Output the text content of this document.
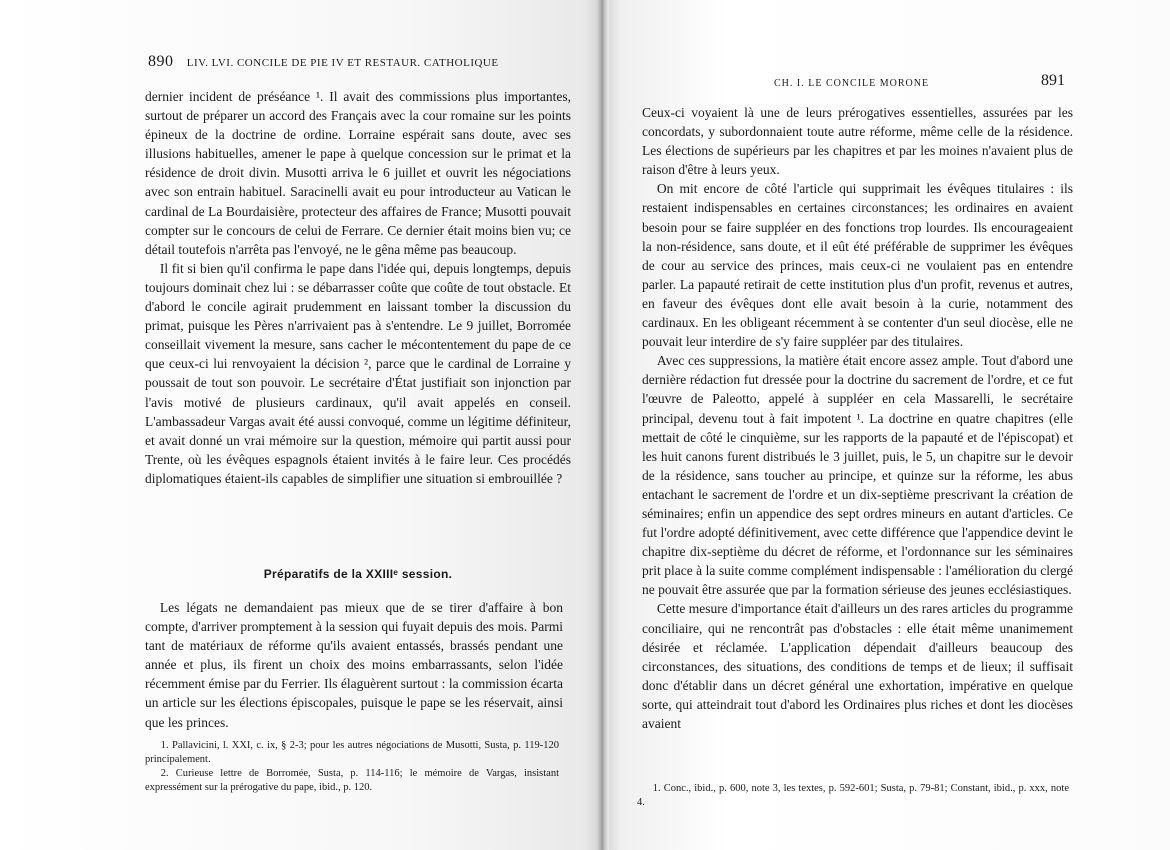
890 LIV. LVI. CONCILE DE PIE IV ET RESTAUR. CATHOLIQUE

dernier incident de préséance ¹. Il avait des commissions plus importantes, surtout de préparer un accord des Français avec la cour romaine sur les points épineux de la doctrine de ordine. Lorraine espérait sans doute, avec ses illusions habituelles, amener le pape à quelque concession sur le primat et la résidence de droit divin. Musotti arriva le 6 juillet et ouvrit les négociations avec son entrain habituel. Saracinelli avait eu pour introducteur au Vatican le cardinal de La Bourdaisière, protecteur des affaires de France; Musotti pouvait compter sur le concours de celui de Ferrare. Ce dernier était moins bien vu; ce détail toutefois n'arrêta pas l'envoyé, ne le gêna même pas beaucoup.

Il fit si bien qu'il confirma le pape dans l'idée qui, depuis longtemps, depuis toujours dominait chez lui : se débarrasser coûte que coûte de tout obstacle. Et d'abord le concile agirait prudemment en laissant tomber la discussion du primat, puisque les Pères n'arrivaient pas à s'entendre. Le 9 juillet, Borromée conseillait vivement la mesure, sans cacher le mécontentement du pape de ce que ceux-ci lui renvoyaient la décision ², parce que le cardinal de Lorraine y poussait de tout son pouvoir. Le secrétaire d'État justifiait son injonction par l'avis motivé de plusieurs cardinaux, qu'il avait appelés en conseil. L'ambassadeur Vargas avait été aussi convoqué, comme un légitime définiteur, et avait donné un vrai mémoire sur la question, mémoire qui partit aussi pour Trente, où les évêques espagnols étaient invités à le faire leur. Ces procédés diplomatiques étaient-ils capables de simplifier une situation si embrouillée ?

Préparatifs de la XXIIIᵉ session.

Les légats ne demandaient pas mieux que de se tirer d'affaire à bon compte, d'arriver promptement à la session qui fuyait depuis des mois. Parmi tant de matériaux de réforme qu'ils avaient entassés, brassés pendant une année et plus, ils firent un choix des moins embarrassants, selon l'idée récemment émise par du Ferrier. Ils élaguèrent surtout : la commission écarta un article sur les élections épiscopales, puisque le pape se les réservait, ainsi que les princes.

1. Pallavicini, l. XXI, c. ix, § 2-3; pour les autres négociations de Musotti, Susta, p. 119-120 principalement.

2. Curieuse lettre de Borromée, Susta, p. 114-116; le mémoire de Vargas, insistant expressément sur la prérogative du pape, ibid., p. 120.

CH. I. LE CONCILE MORONE	891

Ceux-ci voyaient là une de leurs prérogatives essentielles, assurées par les concordats, y subordonnaient toute autre réforme, même celle de la résidence. Les élections de supérieurs par les chapitres et par les moines n'avaient plus de raison d'être à leurs yeux.

On mit encore de côté l'article qui supprimait les évêques titulaires : ils restaient indispensables en certaines circonstances; les ordinaires en avaient besoin pour se faire suppléer en des fonctions trop lourdes. Ils encourageaient la non-résidence, sans doute, et il eût été préférable de supprimer les évêques de cour au service des princes, mais ceux-ci ne voulaient pas en entendre parler. La papauté retirait de cette institution plus d'un profit, revenus et autres, en faveur des évêques dont elle avait besoin à la curie, notamment des cardinaux. En les obligeant récemment à se contenter d'un seul diocèse, elle ne pouvait leur interdire de s'y faire suppléer par des titulaires.

Avec ces suppressions, la matière était encore assez ample. Tout d'abord une dernière rédaction fut dressée pour la doctrine du sacrement de l'ordre, et ce fut l'œuvre de Paleotto, appelé à suppléer en cela Massarelli, le secrétaire principal, devenu tout à fait impotent ¹. La doctrine en quatre chapitres (elle mettait de côté le cinquième, sur les rapports de la papauté et de l'épiscopat) et les huit canons furent distribués le 3 juillet, puis, le 5, un chapitre sur le devoir de la résidence, sans toucher au principe, et quinze sur la réforme, les abus entachant le sacrement de l'ordre et un dix-septième prescrivant la création de séminaires; enfin un appendice des sept ordres mineurs en autant d'articles. Ce fut l'ordre adopté définitivement, avec cette différence que l'appendice devint le chapitre dix-septième du décret de réforme, et l'ordonnance sur les séminaires prit place à la suite comme complément indispensable : l'amélioration du clergé ne pouvait être assurée que par la formation sérieuse des jeunes ecclésiastiques.

Cette mesure d'importance était d'ailleurs un des rares articles du programme conciliaire, qui ne rencontrât pas d'obstacles : elle était même unanimement désirée et réclamée. L'application dépendait d'ailleurs beaucoup des circonstances, des situations, des conditions de temps et de lieux; il suffisait donc d'établir dans un décret général une exhortation, impérative en quelque sorte, qui atteindrait tout d'abord les Ordinaires plus riches et dont les diocèses avaient

1. Conc., ibid., p. 600, note 3, les textes, p. 592-601; Susta, p. 79-81; Constant, ibid., p. xxx, note 4.
